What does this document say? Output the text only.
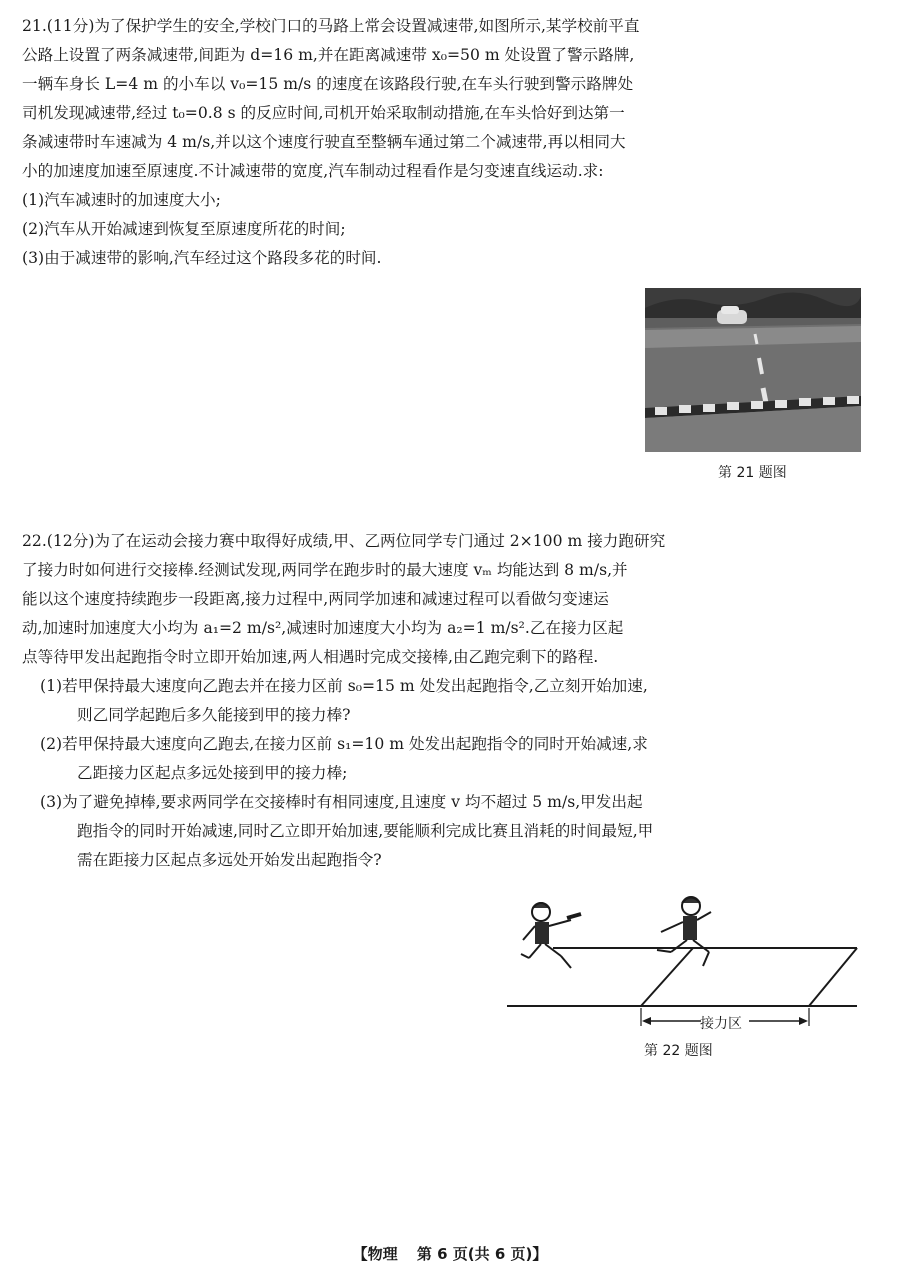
21.(11分)为了保护学生的安全,学校门口的马路上常会设置减速带,如图所示,某学校前平直

公路上设置了两条减速带,间距为 d=16 m,并在距离减速带 x₀=50 m 处设置了警示路牌,

一辆车身长 L=4 m 的小车以 v₀=15 m/s 的速度在该路段行驶,在车头行驶到警示路牌处

司机发现减速带,经过 t₀=0.8 s 的反应时间,司机开始采取制动措施,在车头恰好到达第一

条减速带时车速减为 4 m/s,并以这个速度行驶直至整辆车通过第二个减速带,再以相同大

小的加速度加速至原速度.不计减速带的宽度,汽车制动过程看作是匀变速直线运动.求:

(1)汽车减速时的加速度大小;

(2)汽车从开始减速到恢复至原速度所花的时间;

(3)由于减速带的影响,汽车经过这个路段多花的时间.

第 21 题图

22.(12分)为了在运动会接力赛中取得好成绩,甲、乙两位同学专门通过 2×100 m 接力跑研究

了接力时如何进行交接棒.经测试发现,两同学在跑步时的最大速度 vₘ 均能达到 8 m/s,并

能以这个速度持续跑步一段距离,接力过程中,两同学加速和减速过程可以看做匀变速运

动,加速时加速度大小均为 a₁=2 m/s²,减速时加速度大小均为 a₂=1 m/s².乙在接力区起

点等待甲发出起跑指令时立即开始加速,两人相遇时完成交接棒,由乙跑完剩下的路程.

(1)若甲保持最大速度向乙跑去并在接力区前 s₀=15 m 处发出起跑指令,乙立刻开始加速,

则乙同学起跑后多久能接到甲的接力棒?

(2)若甲保持最大速度向乙跑去,在接力区前 s₁=10 m 处发出起跑指令的同时开始减速,求

乙距接力区起点多远处接到甲的接力棒;

(3)为了避免掉棒,要求两同学在交接棒时有相同速度,且速度 v 均不超过 5 m/s,甲发出起

跑指令的同时开始减速,同时乙立即开始加速,要能顺利完成比赛且消耗的时间最短,甲

需在距接力区起点多远处开始发出起跑指令?

接力区
第 22 题图
【物理 第 6 页(共 6 页)】
